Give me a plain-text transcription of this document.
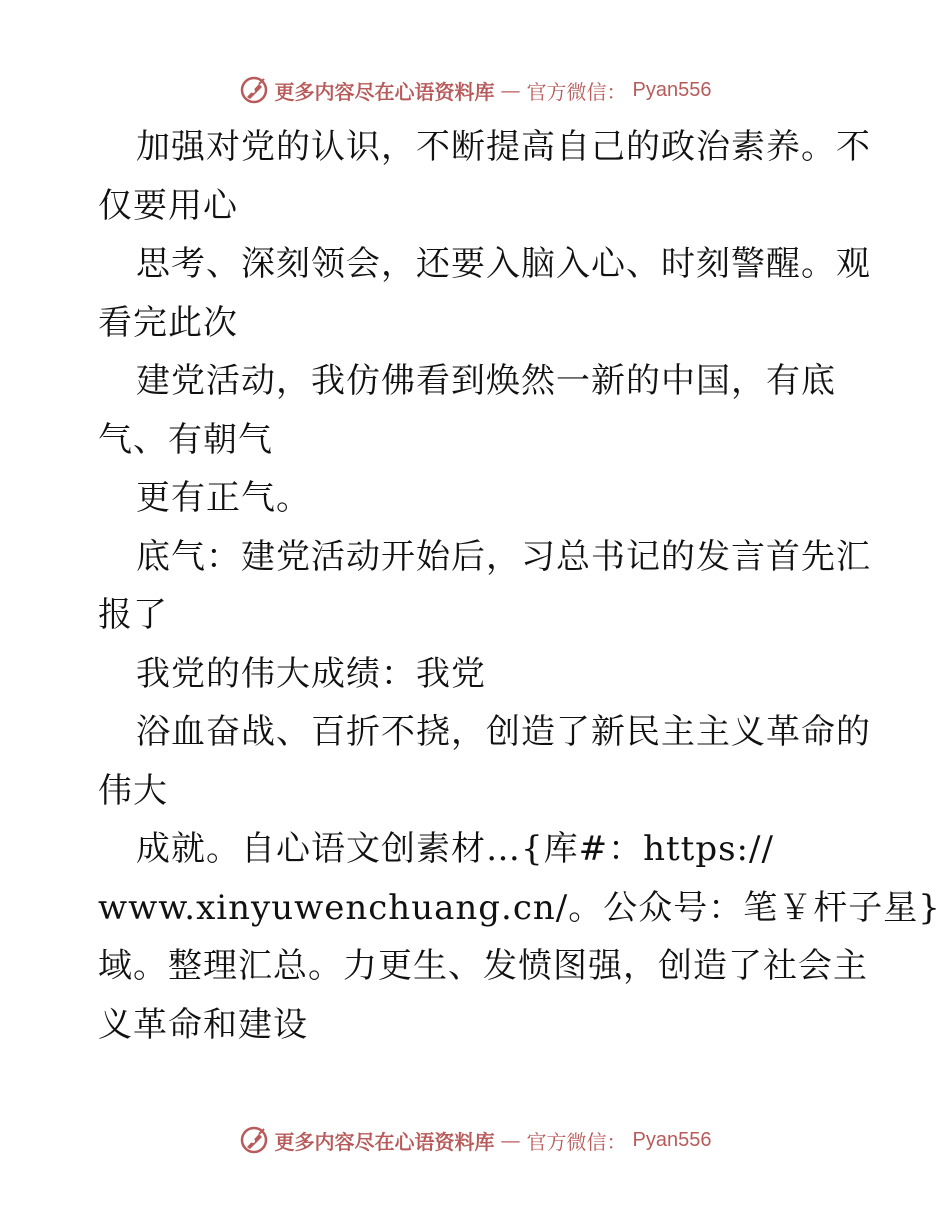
更多内容尽在心语资料库 — 官方微信： Pyan556
加强对党的认识，不断提高自己的政治素养。不
仅要用心
思考、深刻领会，还要入脑入心、时刻警醒。观
看完此次
建党活动，我仿佛看到焕然一新的中国，有底
气、有朝气
更有正气。
底气：建党活动开始后，习总书记的发言首先汇
报了
我党的伟大成绩：我党
浴血奋战、百折不挠，创造了新民主主义革命的
伟大
成就。自心语文创素材…{库#：https://
www.xinyuwenchuang.cn/。公众号：笔￥杆子星}
域。整理汇总。力更生、发愤图强，创造了社会主
义革命和建设
更多内容尽在心语资料库 — 官方微信： Pyan556
